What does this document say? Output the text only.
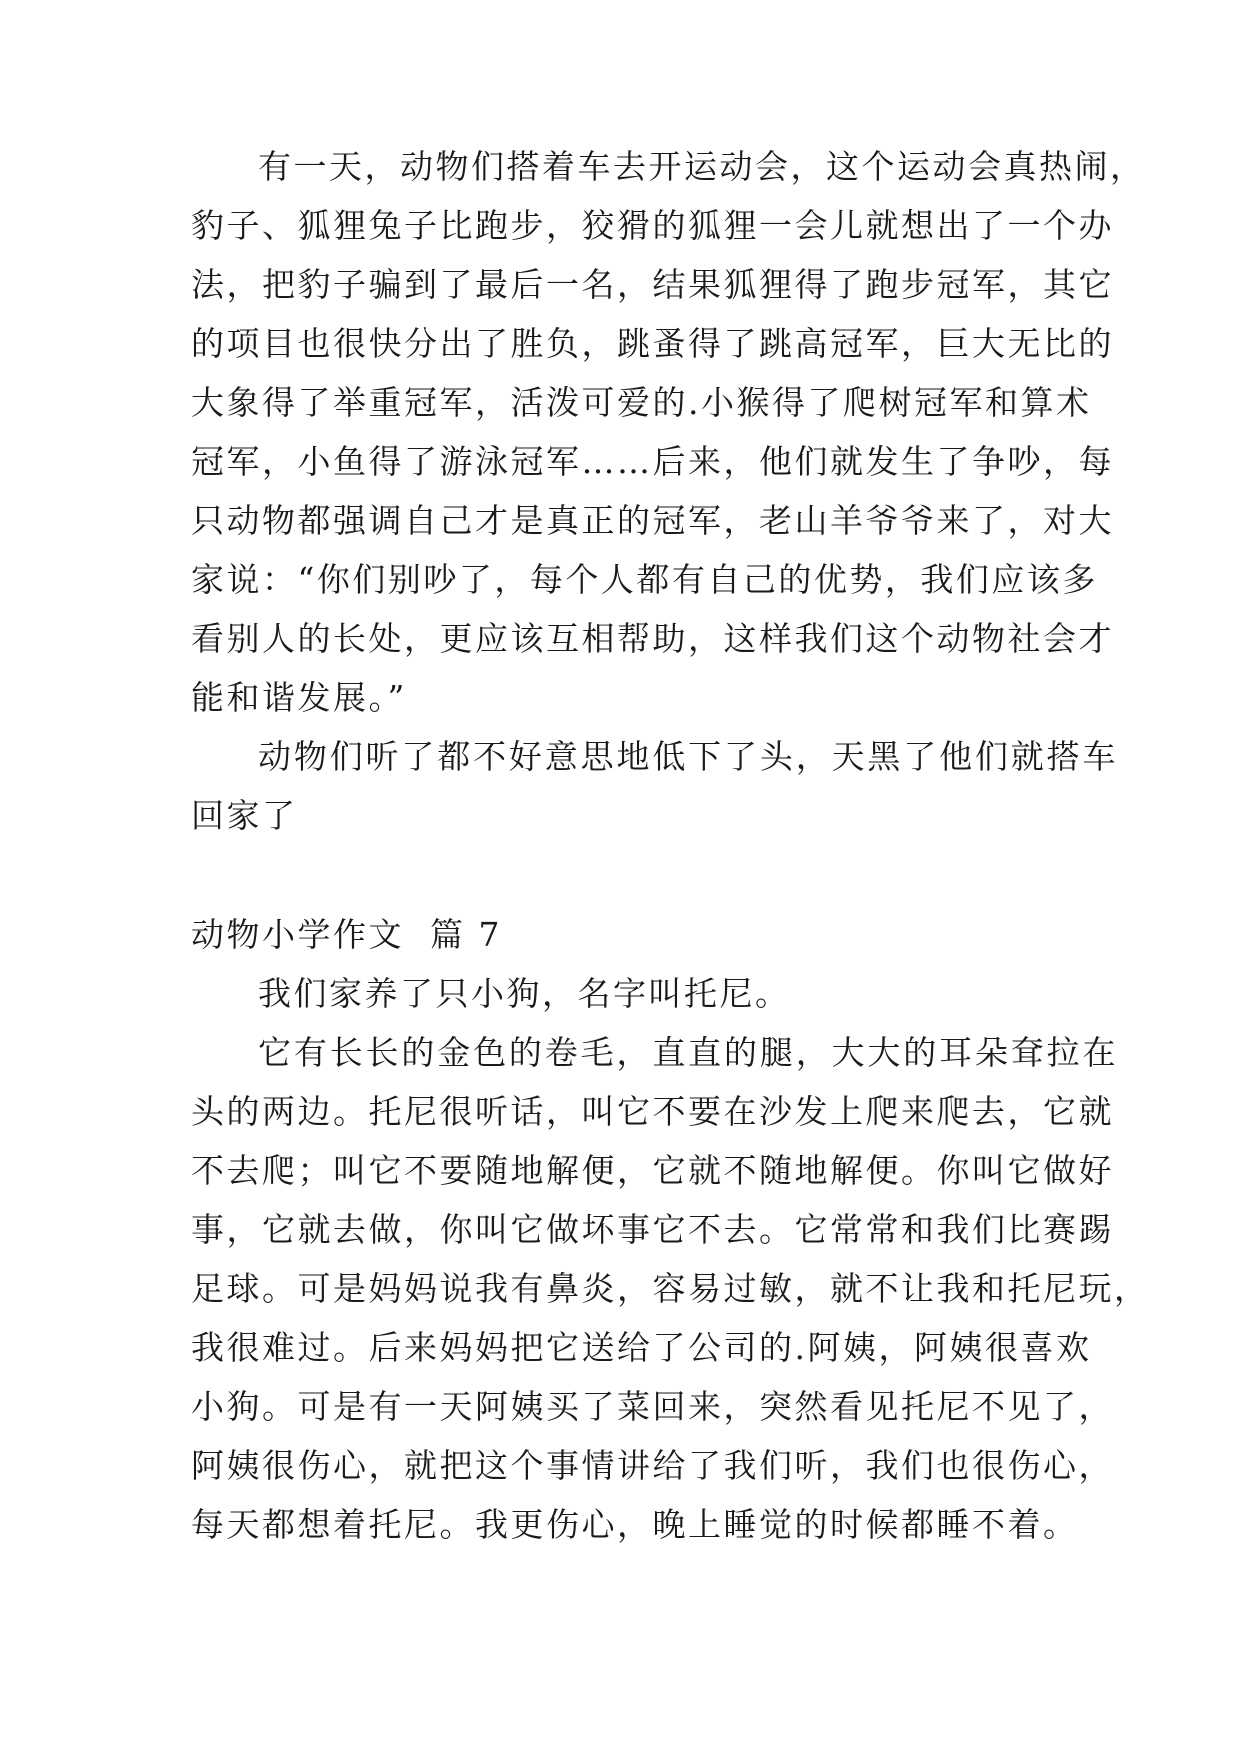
有一天，动物们搭着车去开运动会，这个运动会真热闹，
豹子、狐狸兔子比跑步，狡猾的狐狸一会儿就想出了一个办
法，把豹子骗到了最后一名，结果狐狸得了跑步冠军，其它
的项目也很快分出了胜负，跳蚤得了跳高冠军，巨大无比的
大象得了举重冠军，活泼可爱的.小猴得了爬树冠军和算术
冠军，小鱼得了游泳冠军……后来，他们就发生了争吵，每
只动物都强调自己才是真正的冠军，老山羊爷爷来了，对大
家说：“你们别吵了，每个人都有自己的优势，我们应该多
看别人的长处，更应该互相帮助，这样我们这个动物社会才
能和谐发展。”
动物们听了都不好意思地低下了头，天黑了他们就搭车
回家了
动物小学作文  篇 7
我们家养了只小狗，名字叫托尼。
它有长长的金色的卷毛，直直的腿，大大的耳朵耷拉在
头的两边。托尼很听话，叫它不要在沙发上爬来爬去，它就
不去爬；叫它不要随地解便，它就不随地解便。你叫它做好
事，它就去做，你叫它做坏事它不去。它常常和我们比赛踢
足球。可是妈妈说我有鼻炎，容易过敏，就不让我和托尼玩，
我很难过。后来妈妈把它送给了公司的.阿姨，阿姨很喜欢
小狗。可是有一天阿姨买了菜回来，突然看见托尼不见了，
阿姨很伤心，就把这个事情讲给了我们听，我们也很伤心，
每天都想着托尼。我更伤心，晚上睡觉的时候都睡不着。
